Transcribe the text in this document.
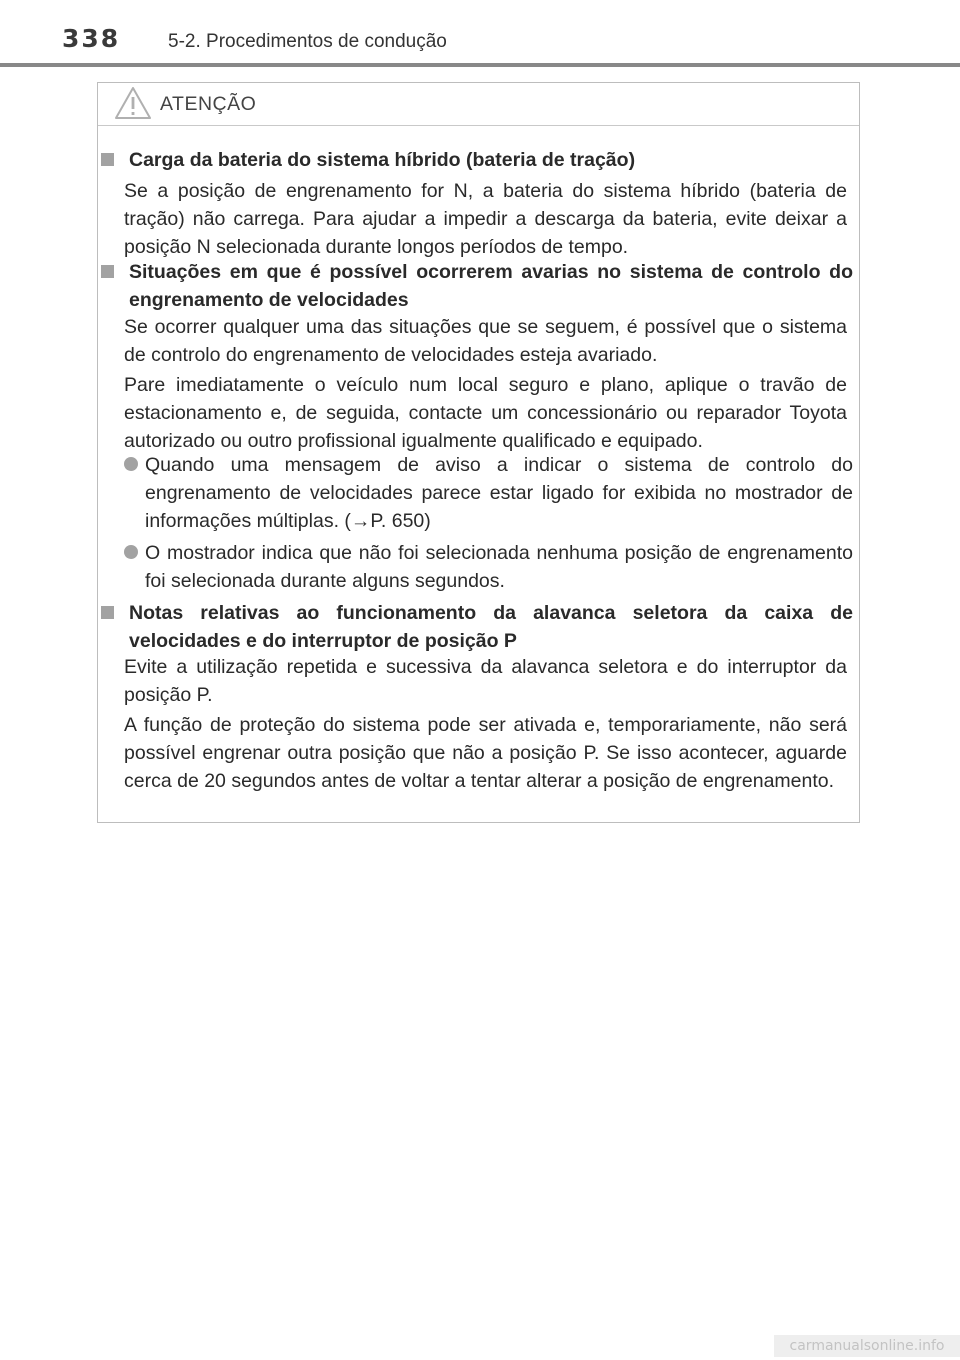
338	5-2. Procedimentos de condução
ATENÇÃO
Carga da bateria do sistema híbrido (bateria de tração)
Se a posição de engrenamento for N, a bateria do sistema híbrido (bateria de tração) não carrega. Para ajudar a impedir a descarga da bateria, evite deixar a posição N selecionada durante longos períodos de tempo.
Situações em que é possível ocorrerem avarias no sistema de controlo do engrenamento de velocidades
Se ocorrer qualquer uma das situações que se seguem, é possível que o sistema de controlo do engrenamento de velocidades esteja avariado.
Pare imediatamente o veículo num local seguro e plano, aplique o travão de estacionamento e, de seguida, contacte um concessionário ou reparador Toyota autorizado ou outro profissional igualmente qualificado e equipado.
Quando uma mensagem de aviso a indicar o sistema de controlo do engrenamento de velocidades parece estar ligado for exibida no mostrador de informações múltiplas. (→P. 650)
O mostrador indica que não foi selecionada nenhuma posição de engrenamento foi selecionada durante alguns segundos.
Notas relativas ao funcionamento da alavanca seletora da caixa de velocidades e do interruptor de posição P
Evite a utilização repetida e sucessiva da alavanca seletora e do interruptor da posição P.
A função de proteção do sistema pode ser ativada e, temporariamente, não será possível engrenar outra posição que não a posição P. Se isso acontecer, aguarde cerca de 20 segundos antes de voltar a tentar alterar a posição de engrenamento.
carmanualsonline.info
